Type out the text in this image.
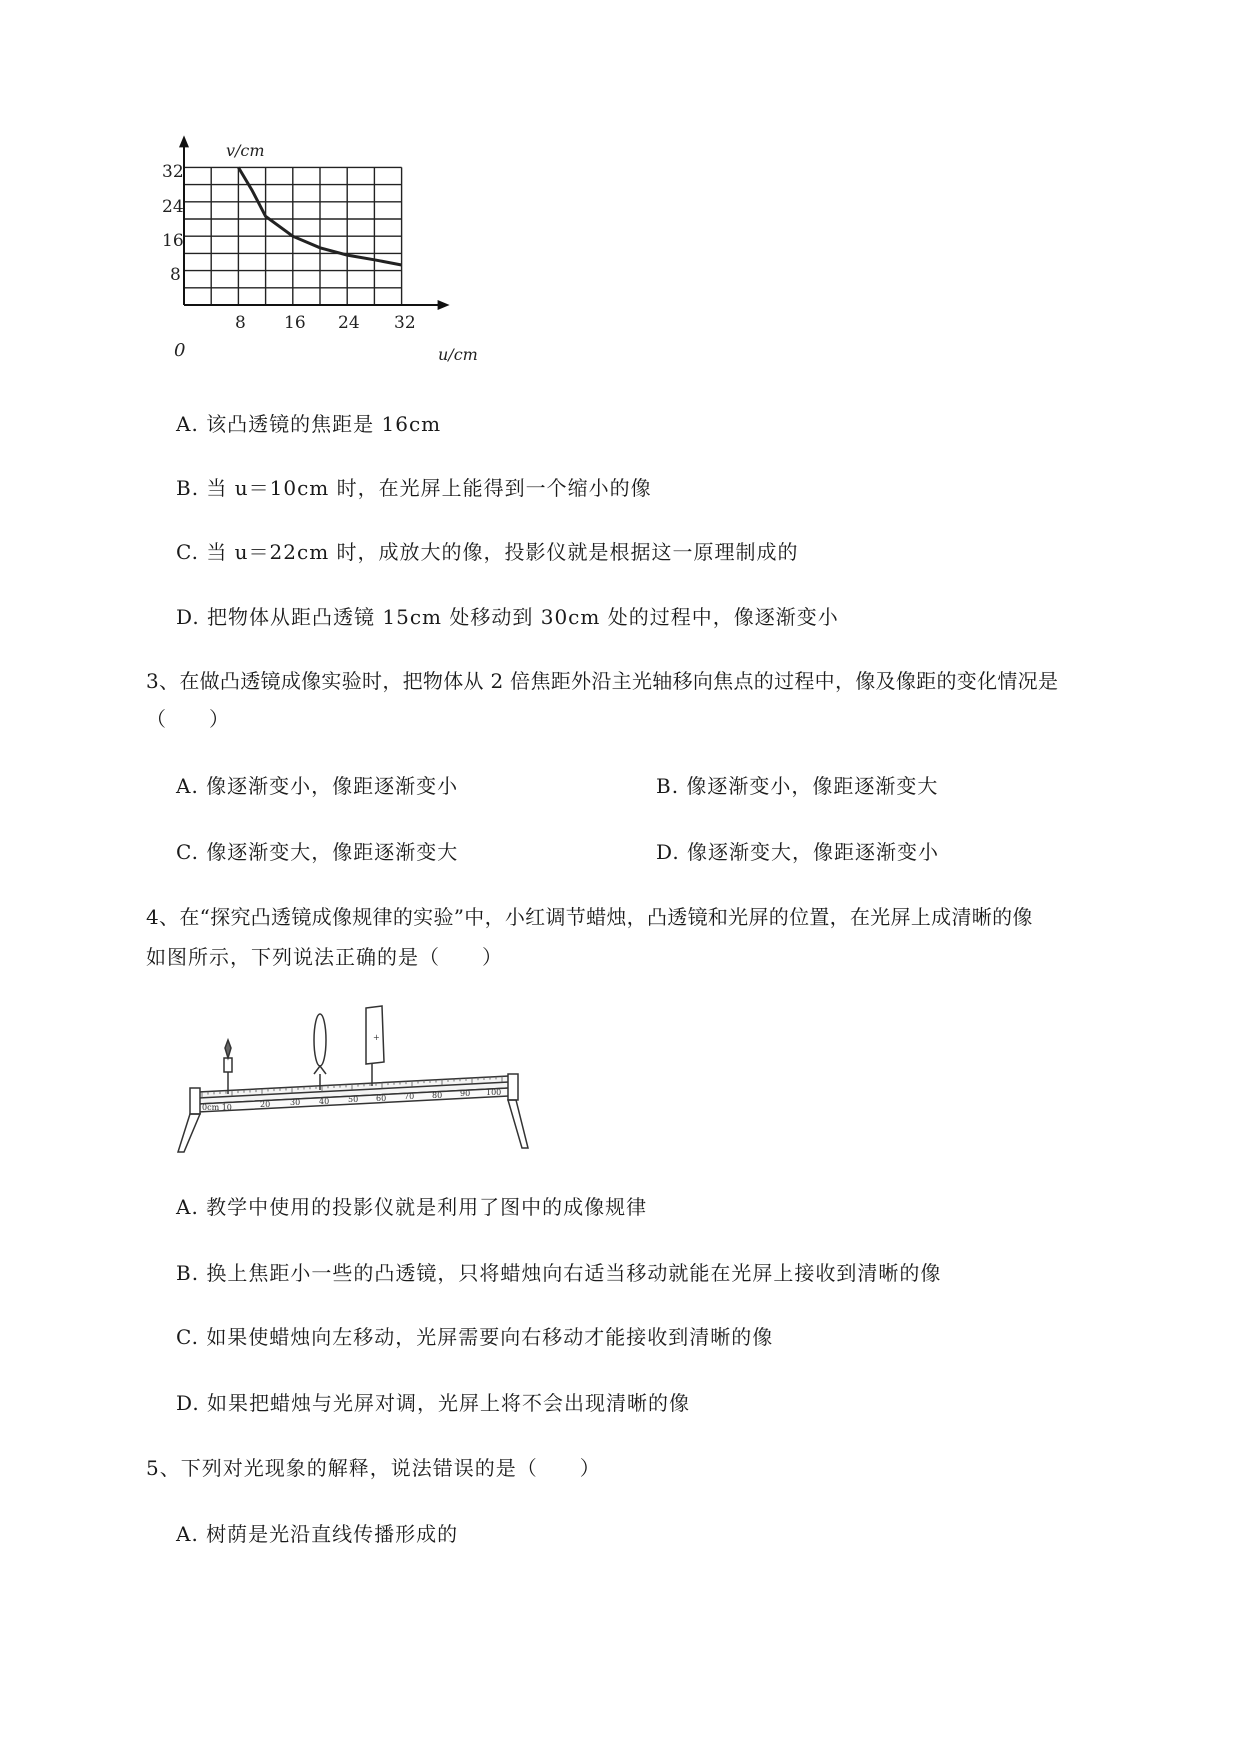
v/cm
u/cm
0
32
24
16
8
8 16 24 32
A. 该凸透镜的焦距是 16cm
B. 当 u＝10cm 时，在光屏上能得到一个缩小的像
C. 当 u＝22cm 时，成放大的像，投影仪就是根据这一原理制成的
D. 把物体从距凸透镜 15cm 处移动到 30cm 处的过程中，像逐渐变小
3、在做凸透镜成像实验时，把物体从 2 倍焦距外沿主光轴移向焦点的过程中，像及像距的变化情况是
（　　）
A. 像逐渐变小，像距逐渐变小	B. 像逐渐变小，像距逐渐变大
C. 像逐渐变大，像距逐渐变大	D. 像逐渐变大，像距逐渐变小
4、在“探究凸透镜成像规律的实验”中，小红调节蜡烛，凸透镜和光屏的位置，在光屏上成清晰的像
如图所示，下列说法正确的是（　　）
0cm 10	20 30 40 50 60 70 80 90 100
+
A. 教学中使用的投影仪就是利用了图中的成像规律
B. 换上焦距小一些的凸透镜，只将蜡烛向右适当移动就能在光屏上接收到清晰的像
C. 如果使蜡烛向左移动，光屏需要向右移动才能接收到清晰的像
D. 如果把蜡烛与光屏对调，光屏上将不会出现清晰的像
5、下列对光现象的解释，说法错误的是（　　）
A. 树荫是光沿直线传播形成的
